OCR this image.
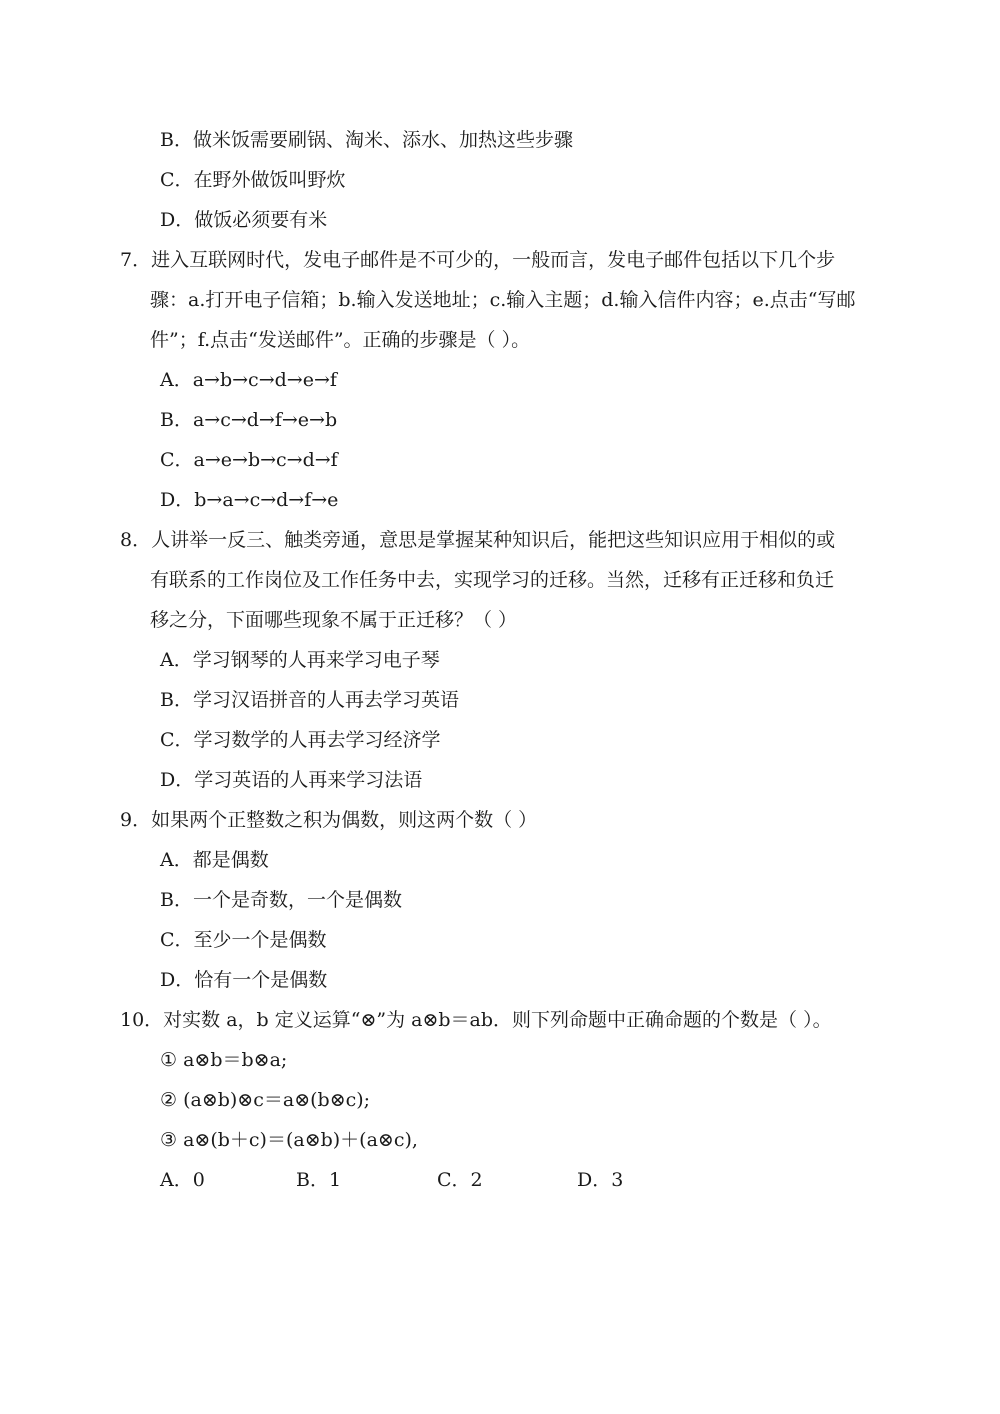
B．做米饭需要刷锅、淘米、添水、加热这些步骤
C．在野外做饭叫野炊
D．做饭必须要有米
7．进入互联网时代，发电子邮件是不可少的，一般而言，发电子邮件包括以下几个步
骤：a.打开电子信箱；b.输入发送地址；c.输入主题；d.输入信件内容；e.点击“写邮
件”；f.点击“发送邮件”。正确的步骤是（ ）。
A．a→b→c→d→e→f
B．a→c→d→f→e→b
C．a→e→b→c→d→f
D．b→a→c→d→f→e
8．人讲举一反三、触类旁通，意思是掌握某种知识后，能把这些知识应用于相似的或
有联系的工作岗位及工作任务中去，实现学习的迁移。当然，迁移有正迁移和负迁
移之分，下面哪些现象不属于正迁移？（ ）
A．学习钢琴的人再来学习电子琴
B．学习汉语拼音的人再去学习英语
C．学习数学的人再去学习经济学
D．学习英语的人再来学习法语
9．如果两个正整数之积为偶数，则这两个数（ ）
A．都是偶数
B．一个是奇数，一个是偶数
C．至少一个是偶数
D．恰有一个是偶数
10．对实数 a，b 定义运算“⊗”为 a⊗b＝ab．则下列命题中正确命题的个数是（ ）。
① a⊗b＝b⊗a;
② (a⊗b)⊗c＝a⊗(b⊗c);
③ a⊗(b＋c)＝(a⊗b)＋(a⊗c),
A．0	B．1	C．2	D．3
